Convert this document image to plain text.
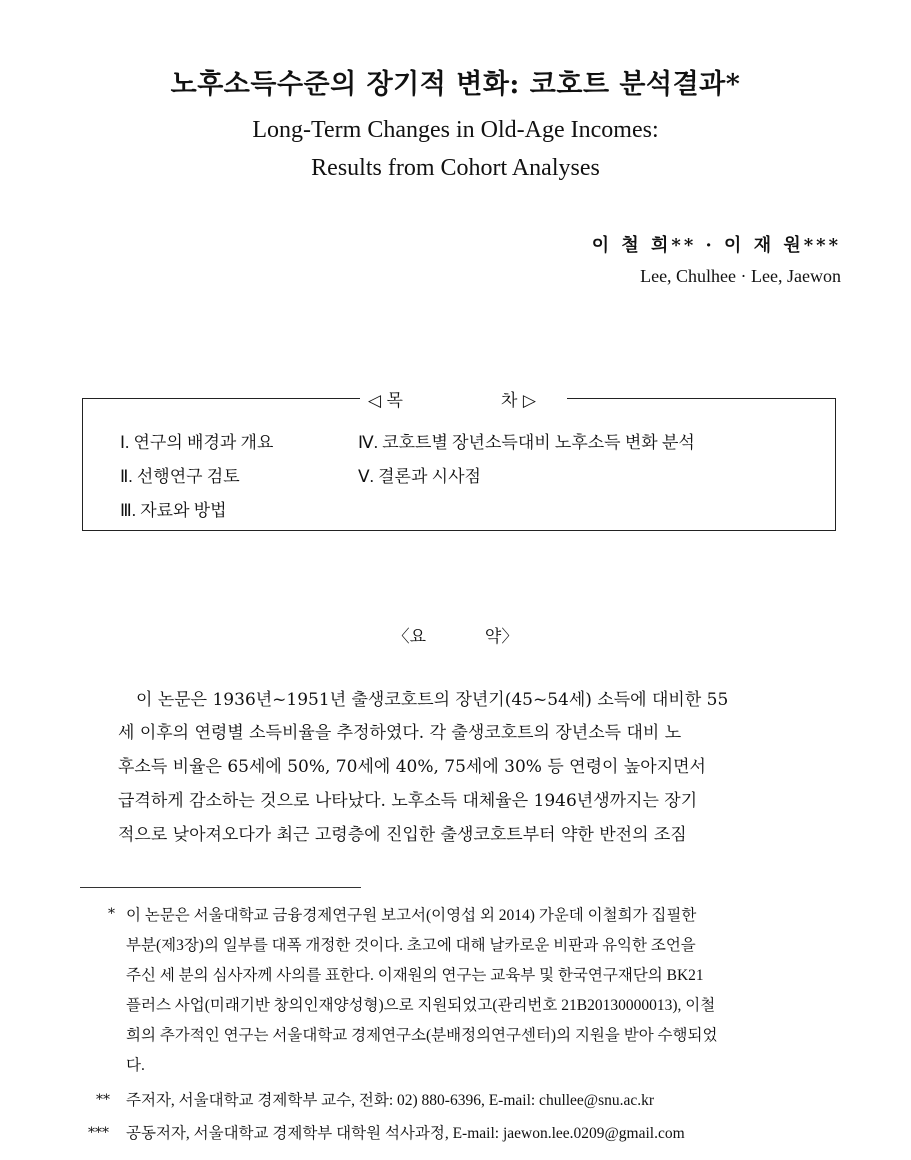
노후소득수준의 장기적 변화: 코호트 분석결과*
Long-Term Changes in Old-Age Incomes:
Results from Cohort Analyses
이 철 희** · 이 재 원***
Lee, Chulhee · Lee, Jaewon
◁ 목	차 ▷
Ⅰ. 연구의 배경과 개요
Ⅱ. 선행연구 검토
Ⅲ. 자료와 방법
Ⅳ. 코호트별 장년소득대비 노후소득 변화 분석
Ⅴ. 결론과 시사점
〈요	약〉
이 논문은 1936년~1951년 출생코호트의 장년기(45~54세) 소득에 대비한 55
세 이후의 연령별 소득비율을 추정하였다. 각 출생코호트의 장년소득 대비 노
후소득 비율은 65세에 50%, 70세에 40%, 75세에 30% 등 연령이 높아지면서
급격하게 감소하는 것으로 나타났다. 노후소득 대체율은 1946년생까지는 장기
적으로 낮아져오다가 최근 고령층에 진입한 출생코호트부터 약한 반전의 조짐
* 이 논문은 서울대학교 금융경제연구원 보고서(이영섭 외 2014) 가운데 이철희가 집필한
부분(제3장)의 일부를 대폭 개정한 것이다. 초고에 대해 날카로운 비판과 유익한 조언을
주신 세 분의 심사자께 사의를 표한다. 이재원의 연구는 교육부 및 한국연구재단의 BK21
플러스 사업(미래기반 창의인재양성형)으로 지원되었고(관리번호 21B20130000013), 이철
희의 추가적인 연구는 서울대학교 경제연구소(분배정의연구센터)의 지원을 받아 수행되었
다.
** 주저자, 서울대학교 경제학부 교수, 전화: 02) 880-6396, E-mail: chullee@snu.ac.kr
*** 공동저자, 서울대학교 경제학부 대학원 석사과정, E-mail: jaewon.lee.0209@gmail.com
